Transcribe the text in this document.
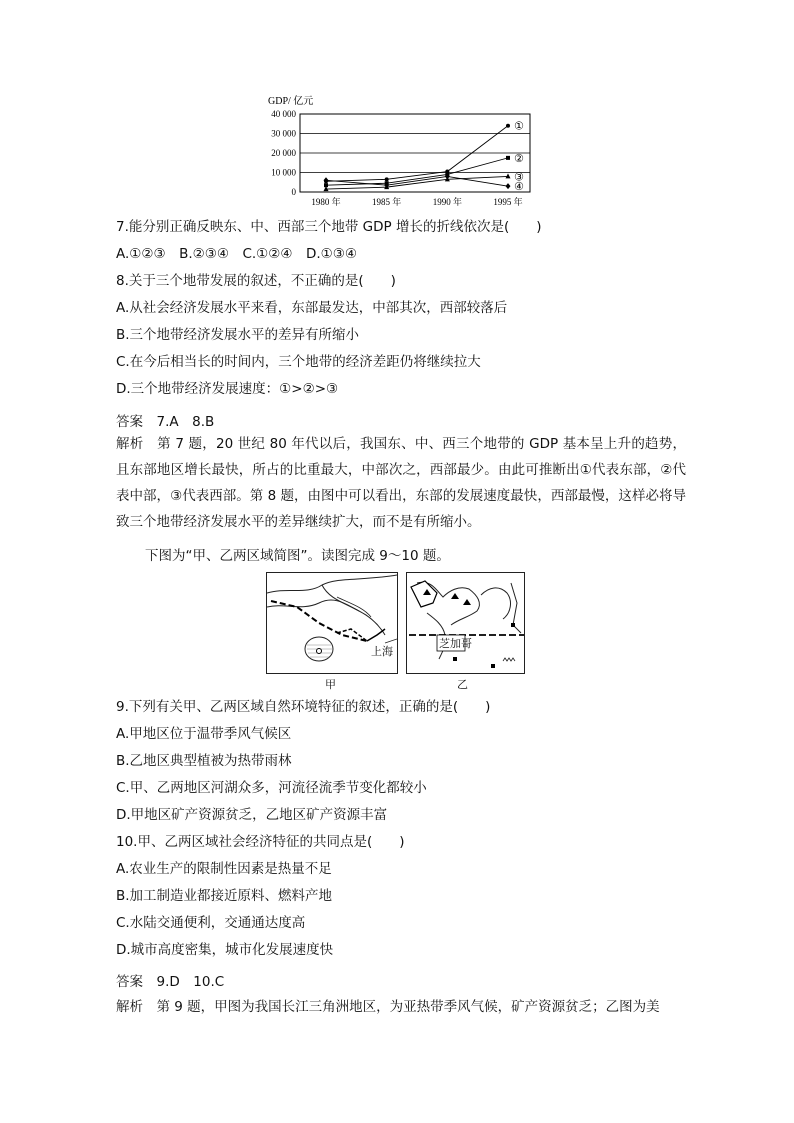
GDP/ 亿元
40 000
30 000
20 000
10 000
0
1980 年	1985 年	1990 年	1995 年
①
②
③
④
7.能分别正确反映东、中、西部三个地带 GDP 增长的折线依次是(　　)
A.①②③　B.②③④　C.①②④　D.①③④
8.关于三个地带发展的叙述，不正确的是(　　)
A.从社会经济发展水平来看，东部最发达，中部其次，西部较落后
B.三个地带经济发展水平的差异有所缩小
C.在今后相当长的时间内，三个地带的经济差距仍将继续拉大
D.三个地带经济发展速度：①>②>③
答案　7.A　8.B
解析　第 7 题，20 世纪 80 年代以后，我国东、中、西三个地带的 GDP 基本呈上升的趋势，且东部地区增长最快，所占的比重最大，中部次之，西部最少。由此可推断出①代表东部，②代表中部，③代表西部。第 8 题，由图中可以看出，东部的发展速度最快，西部最慢，这样必将导致三个地带经济发展水平的差异继续扩大，而不是有所缩小。
下图为“甲、乙两区域简图”。读图完成 9～10 题。
上海
芝加哥
甲	乙
9.下列有关甲、乙两区域自然环境特征的叙述，正确的是(　　)
A.甲地区位于温带季风气候区
B.乙地区典型植被为热带雨林
C.甲、乙两地区河湖众多，河流径流季节变化都较小
D.甲地区矿产资源贫乏，乙地区矿产资源丰富
10.甲、乙两区域社会经济特征的共同点是(　　)
A.农业生产的限制性因素是热量不足
B.加工制造业都接近原料、燃料产地
C.水陆交通便利，交通通达度高
D.城市高度密集，城市化发展速度快
答案　9.D　10.C
解析　第 9 题，甲图为我国长江三角洲地区，为亚热带季风气候，矿产资源贫乏；乙图为美
